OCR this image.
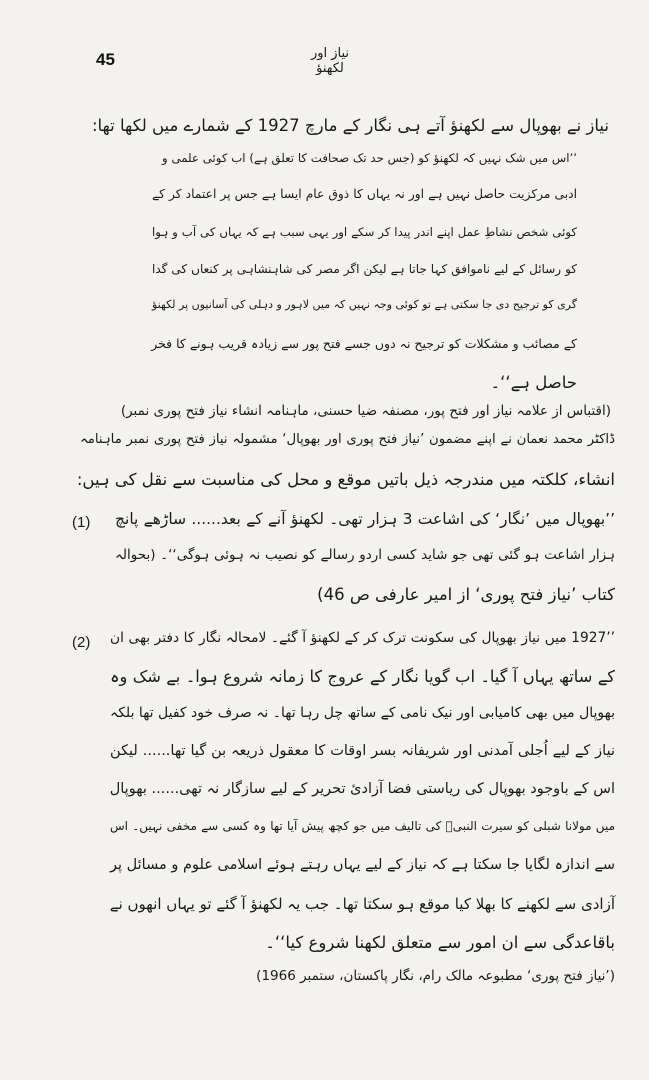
45	نیاز اور لکھنؤ
نیاز نے بھوپال سے لکھنؤ آتے ہی نگار کے مارچ 1927 کے شمارے میں لکھا تھا:
’’اس میں شک نہیں کہ لکھنؤ کو (جس حد تک صحافت کا تعلق ہے) اب کوئی علمی و
ادبی مرکزیت حاصل نہیں ہے اور نہ یہاں کا ذوق عام ایسا ہے جس پر اعتماد کر کے
کوئی شخص نشاطِ عمل اپنے اندر پیدا کر سکے اور یہی سبب ہے کہ یہاں کی آب و ہوا
کو رسائل کے لیے ناموافق کہا جاتا ہے لیکن اگر مصر کی شاہنشاہی پر کنعاں کی گدا
گری کو ترجیح دی جا سکتی ہے تو کوئی وجہ نہیں کہ میں لاہور و دہلی کی آسانیوں پر لکھنؤ
کے مصائب و مشکلات کو ترجیح نہ دوں جسے فتح پور سے زیادہ قریب ہونے کا فخر
حاصل ہے‘‘۔
(اقتباس از علامہ نیاز اور فتح پور، مصنفہ ضیا حسنی، ماہنامہ انشاء نیاز فتح پوری نمبر)
ڈاکٹر محمد نعمان نے اپنے مضمون ’نیاز فتح پوری اور بھوپال‘ مشمولہ نیاز فتح پوری نمبر ماہنامہ
انشاء، کلکتہ میں مندرجہ ذیل باتیں موقع و محل کی مناسبت سے نقل کی ہیں:
(1) ’’بھوپال میں ’نگار‘ کی اشاعت 3 ہزار تھی۔ لکھنؤ آنے کے بعد...... ساڑھے پانچ
ہزار اشاعت ہو گئی تھی جو شاید کسی اردو رسالے کو نصیب نہ ہوئی ہوگی‘‘۔ (بحوالہ
کتاب ’نیاز فتح پوری‘ از امیر عارفی ص 46)
(2) ’’1927 میں نیاز بھوپال کی سکونت ترک کر کے لکھنؤ آ گئے۔ لامحالہ نگار کا دفتر بھی ان
کے ساتھ یہاں آ گیا۔ اب گویا نگار کے عروج کا زمانہ شروع ہوا۔ بے شک وہ
بھوپال میں بھی کامیابی اور نیک نامی کے ساتھ چل رہا تھا۔ نہ صرف خود کفیل تھا بلکہ
نیاز کے لیے اُجلی آمدنی اور شریفانہ بسر اوقات کا معقول ذریعہ بن گیا تھا...... لیکن
اس کے باوجود بھوپال کی ریاستی فضا آزادیٔ تحریر کے لیے سازگار نہ تھی...... بھوپال
میں مولانا شبلی کو سیرت النبیؐ کی تالیف میں جو کچھ پیش آیا تھا وہ کسی سے مخفی نہیں۔ اس
سے اندازہ لگایا جا سکتا ہے کہ نیاز کے لیے یہاں رہتے ہوئے اسلامی علوم و مسائل پر
آزادی سے لکھنے کا بھلا کیا موقع ہو سکتا تھا۔ جب یہ لکھنؤ آ گئے تو یہاں انھوں نے
باقاعدگی سے ان امور سے متعلق لکھنا شروع کیا‘‘۔
(’نیاز فتح پوری‘ مطبوعہ مالک رام، نگار پاکستان، ستمبر 1966)
